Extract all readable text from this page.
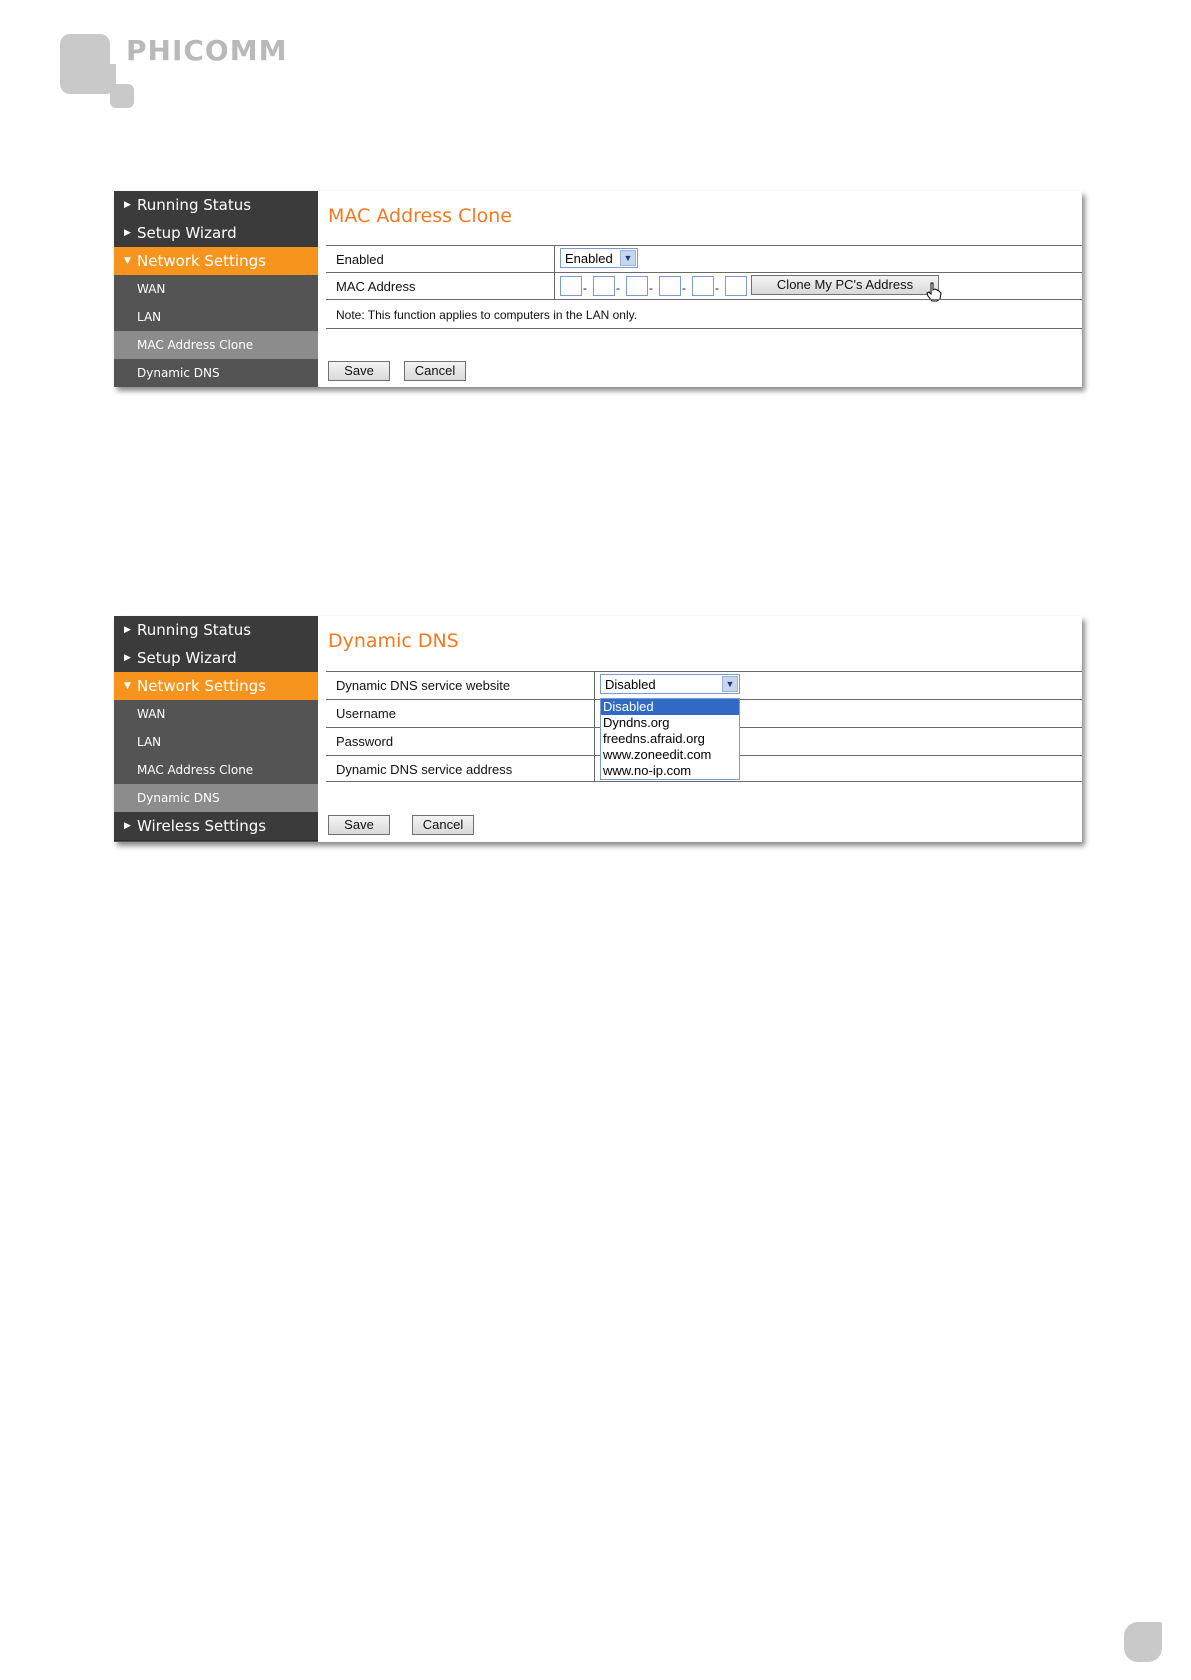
PHICOMM
▶ Running Status
▶ Setup Wizard
▼ Network Settings
WAN
LAN
MAC Address Clone
Dynamic DNS
MAC Address Clone
Enabled	Enabled	▼
MAC Address	- - - - -	Clone My PC's Address
Note: This function applies to computers in the LAN only.
Save	Cancel
▶ Running Status
▶ Setup Wizard
▼ Network Settings
WAN
LAN
MAC Address Clone
Dynamic DNS
▶ Wireless Settings
Dynamic DNS
Dynamic DNS service website	Disabled	▼
Username
Password
Dynamic DNS service address
Disabled
Dyndns.org
freedns.afraid.org
www.zoneedit.com
www.no-ip.com
Save	Cancel
